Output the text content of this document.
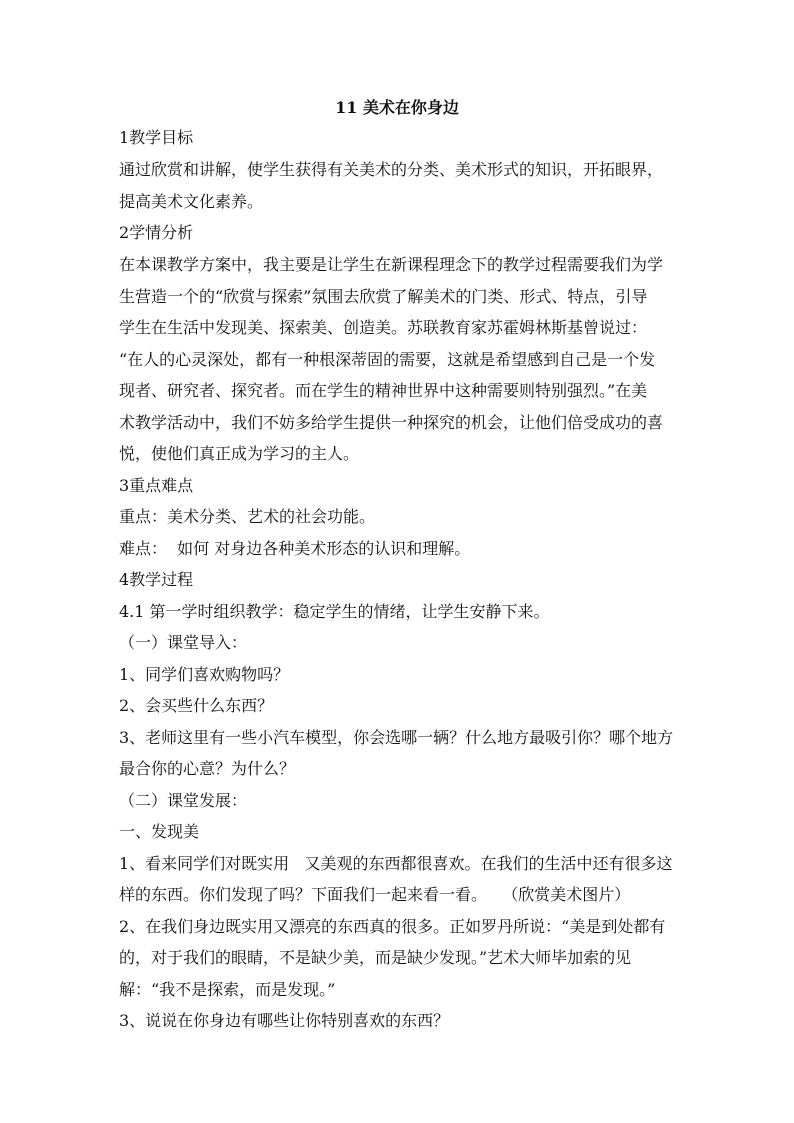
11 美术在你身边
1教学目标
通过欣赏和讲解，使学生获得有关美术的分类、美术形式的知识，开拓眼界，
提高美术文化素养。
2学情分析
在本课教学方案中，我主要是让学生在新课程理念下的教学过程需要我们为学
生营造一个的“欣赏与探索”氛围去欣赏了解美术的门类、形式、特点，引导
学生在生活中发现美、探索美、创造美。苏联教育家苏霍姆林斯基曾说过：
“在人的心灵深处，都有一种根深蒂固的需要，这就是希望感到自己是一个发
现者、研究者、探究者。而在学生的精神世界中这种需要则特别强烈。”在美
术教学活动中，我们不妨多给学生提供一种探究的机会，让他们倍受成功的喜
悦，使他们真正成为学习的主人。
3重点难点
重点：美术分类、艺术的社会功能。
难点：  如何 对身边各种美术形态的认识和理解。
4教学过程
4.1 第一学时组织教学：稳定学生的情绪，让学生安静下来。
（一）课堂导入：
1、同学们喜欢购物吗？
2、会买些什么东西？
3、老师这里有一些小汽车模型，你会选哪一辆？什么地方最吸引你？哪个地方
最合你的心意？为什么？
（二）课堂发展：
一、发现美
1、看来同学们对既实用   又美观的东西都很喜欢。在我们的生活中还有很多这
样的东西。你们发现了吗？下面我们一起来看一看。   （欣赏美术图片）
2、在我们身边既实用又漂亮的东西真的很多。正如罗丹所说：“美是到处都有
的，对于我们的眼睛，不是缺少美，而是缺少发现。”艺术大师毕加索的见
解：“我不是探索，而是发现。”
3、说说在你身边有哪些让你特别喜欢的东西？
